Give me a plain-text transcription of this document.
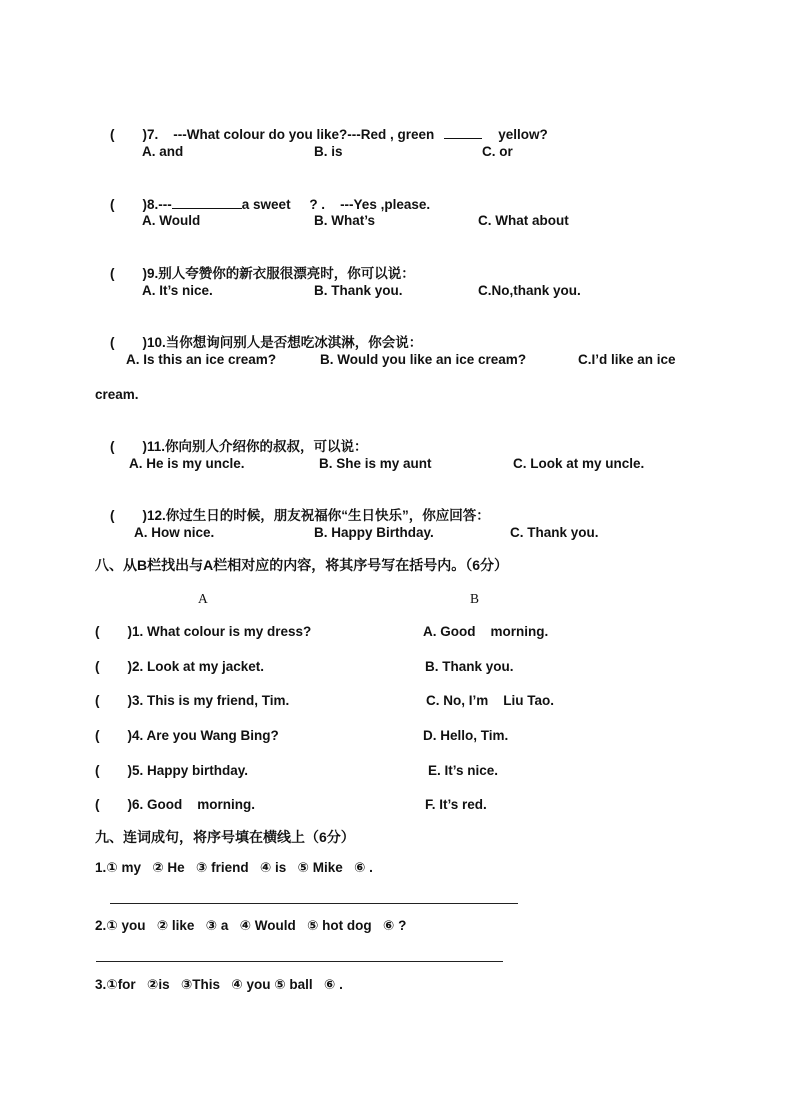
( )7. ---What colour do you like?---Red , green	yellow?

A. and	B. is	C. or

( )8.---	a sweet     ? .    ---Yes ,please.

A. Would	B. What’s	C. What about

( )9.别人夸赞你的新衣服很漂亮时，你可以说：

A. It’s nice.	B. Thank you.	C.No,thank you.

( )10.当你想询问别人是否想吃冰淇淋，你会说：

A. Is this an ice cream?	B. Would you like an ice cream?	C.I’d like an ice
cream.

( )11.你向别人介绍你的叔叔，可以说：

A. He is my uncle.	B. She is my aunt	C. Look at my uncle.

( )12.你过生日的时候，朋友祝福你“生日快乐”，你应回答：

A. How nice.	B. Happy Birthday.	C. Thank you.
八、从B栏找出与A栏相对应的内容，将其序号写在括号内。（6分）
A	B
( )1. What colour is my dress?	A. Good    morning.
( )2. Look at my jacket.	B. Thank you.
( )3. This is my friend, Tim.	C. No, I’m    Liu Tao.
( )4. Are you Wang Bing?	D. Hello, Tim.
( )5. Happy birthday.	E. It’s nice.
( )6. Good    morning.	F. It’s red.
九、连词成句，将序号填在横线上（6分）
1.① my   ② He   ③ friend   ④ is   ⑤ Mike   ⑥ .
2.① you   ② like   ③ a   ④ Would   ⑤ hot dog   ⑥ ?
3.①for   ②is   ③This   ④ you ⑤ ball   ⑥ .
